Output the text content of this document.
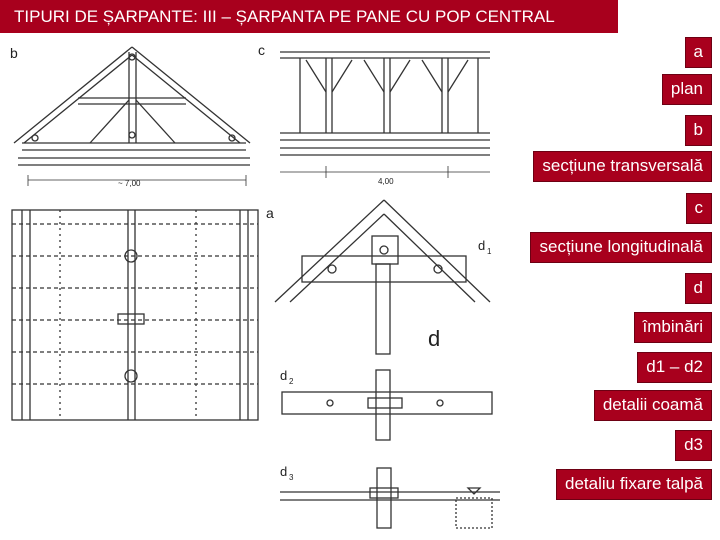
TIPURI DE ȘARPANTE: III – ȘARPANTA PE PANE CU POP CENTRAL
b	c
a
d
d 1
d 2
d 3
~ 7,00	4,00
a
plan
b
secțiune transversală
c
secțiune longitudinală
d
îmbinări
d1 – d2
detalii coamă
d3
detaliu fixare talpă
